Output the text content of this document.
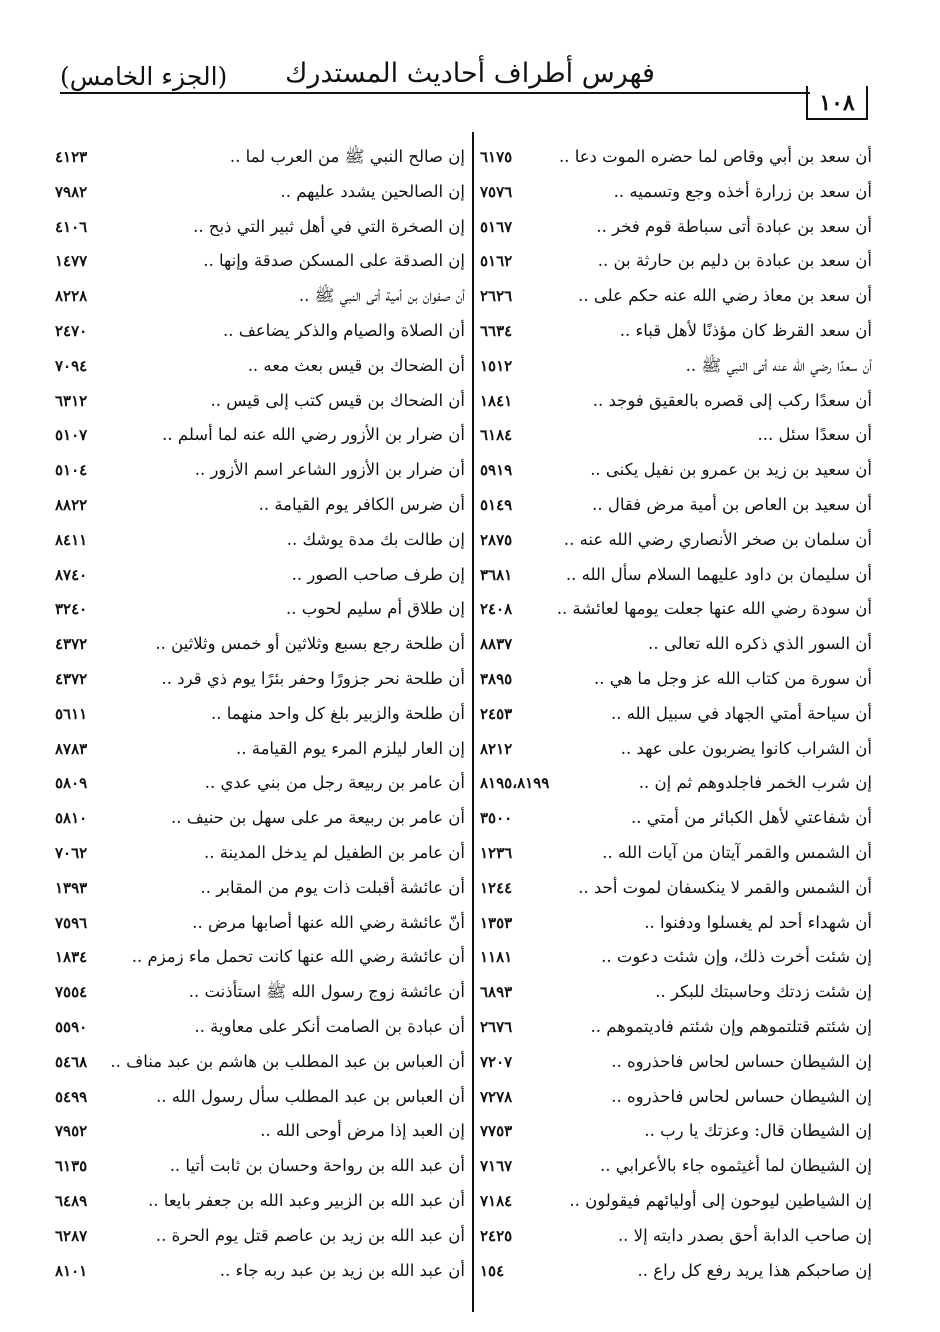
فهرس أطراف أحاديث المستدرك
(الجزء الخامس)
١٠٨
أن سعد بن أبي وقاص لما حضره الموت دعا ..
٦١٧٥
أن سعد بن زرارة أخذه وجع وتسميه ..
٧٥٧٦
أن سعد بن عبادة أتى سباطة قوم فخر ..
٥١٦٧
أن سعد بن عبادة بن دليم بن حارثة بن ..
٥١٦٢
أن سعد بن معاذ رضي الله عنه حكم على ..
٢٦٢٦
أن سعد القرظ كان مؤذنًا لأهل قباء ..
٦٦٣٤
أن سعدًا رضي الله عنه أتى النبي ﷺ ..
١٥١٢
أن سعدًا ركب إلى قصره بالعقيق فوجد ..
١٨٤١
أن سعدًا سئل ...
٦١٨٤
أن سعيد بن زيد بن عمرو بن نفيل يكنى ..
٥٩١٩
أن سعيد بن العاص بن أمية مرض فقال ..
٥١٤٩
أن سلمان بن صخر الأنصاري رضي الله عنه ..
٢٨٧٥
أن سليمان بن داود عليهما السلام سأل الله ..
٣٦٨١
أن سودة رضي الله عنها جعلت يومها لعائشة ..
٢٤٠٨
أن السور الذي ذكره الله تعالى ..
٨٨٣٧
أن سورة من كتاب الله عز وجل ما هي ..
٣٨٩٥
أن سياحة أمتي الجهاد في سبيل الله ..
٢٤٥٣
أن الشراب كانوا يضربون على عهد ..
٨٢١٢
إن شرب الخمر فاجلدوهم ثم إن ..
٨١٩٥،٨١٩٩
أن شفاعتي لأهل الكبائر من أمتي ..
٣٥٠٠
أن الشمس والقمر آيتان من آيات الله ..
١٢٣٦
أن الشمس والقمر لا ينكسفان لموت أحد ..
١٢٤٤
أن شهداء أحد لم يغسلوا ودفنوا ..
١٣٥٣
إن شئت أخرت ذلك، وإن شئت دعوت ..
١١٨١
إن شئت زدتك وحاسبتك للبكر ..
٦٨٩٣
إن شئتم قتلتموهم وإن شئتم فاديتموهم ..
٢٦٧٦
إن الشيطان حساس لحاس فاحذروه ..
٧٢٠٧
إن الشيطان حساس لحاس فاحذروه ..
٧٢٧٨
إن الشيطان قال: وعزتك يا رب ..
٧٧٥٣
إن الشيطان لما أغيثموه جاء بالأعرابي ..
٧١٦٧
إن الشياطين ليوحون إلى أوليائهم فيقولون ..
٧١٨٤
إن صاحب الدابة أحق بصدر دابته إلا ..
٢٤٢٥
إن صاحبكم هذا يريد رفع كل راع ..
١٥٤
إن صالح النبي ﷺ من العرب لما ..
٤١٢٣
إن الصالحين يشدد عليهم ..
٧٩٨٢
إن الصخرة التي في أهل ثبير التي ذبح ..
٤١٠٦
إن الصدقة على المسكن صدقة وإنها ..
١٤٧٧
أن صفوان بن أمية أتى النبي ﷺ ..
٨٢٢٨
أن الصلاة والصيام والذكر يضاعف ..
٢٤٧٠
أن الضحاك بن قيس بعث معه ..
٧٠٩٤
أن الضحاك بن قيس كتب إلى قيس ..
٦٣١٢
أن ضرار بن الأزور رضي الله عنه لما أسلم ..
٥١٠٧
أن ضرار بن الأزور الشاعر اسم الأزور ..
٥١٠٤
أن ضرس الكافر يوم القيامة ..
٨٨٢٢
إن طالت بك مدة يوشك ..
٨٤١١
إن طرف صاحب الصور ..
٨٧٤٠
إن طلاق أم سليم لحوب ..
٣٢٤٠
أن طلحة رجع بسبع وثلاثين أو خمس وثلاثين ..
٤٣٧٢
أن طلحة نحر جزورًا وحفر بئرًا يوم ذي قرد ..
٤٣٧٢
أن طلحة والزبير بلغ كل واحد منهما ..
٥٦١١
إن العار ليلزم المرء يوم القيامة ..
٨٧٨٣
أن عامر بن ربيعة رجل من بني عدي ..
٥٨٠٩
أن عامر بن ربيعة مر على سهل بن حنيف ..
٥٨١٠
أن عامر بن الطفيل لم يدخل المدينة ..
٧٠٦٢
أن عائشة أقبلت ذات يوم من المقابر ..
١٣٩٣
أنّ عائشة رضي الله عنها أصابها مرض ..
٧٥٩٦
أن عائشة رضي الله عنها كانت تحمل ماء زمزم ..
١٨٣٤
أن عائشة زوج رسول الله ﷺ استأذنت ..
٧٥٥٤
أن عبادة بن الصامت أنكر على معاوية ..
٥٥٩٠
أن العباس بن عبد المطلب بن هاشم بن عبد مناف ..
٥٤٦٨
أن العباس بن عبد المطلب سأل رسول الله ..
٥٤٩٩
إن العبد إذا مرض أوحى الله ..
٧٩٥٢
أن عبد الله بن رواحة وحسان بن ثابت أتيا ..
٦١٣٥
أن عبد الله بن الزبير وعبد الله بن جعفر بايعا ..
٦٤٨٩
أن عبد الله بن زيد بن عاصم قتل يوم الحرة ..
٦٢٨٧
أن عبد الله بن زيد بن عبد ربه جاء ..
٨١٠١
